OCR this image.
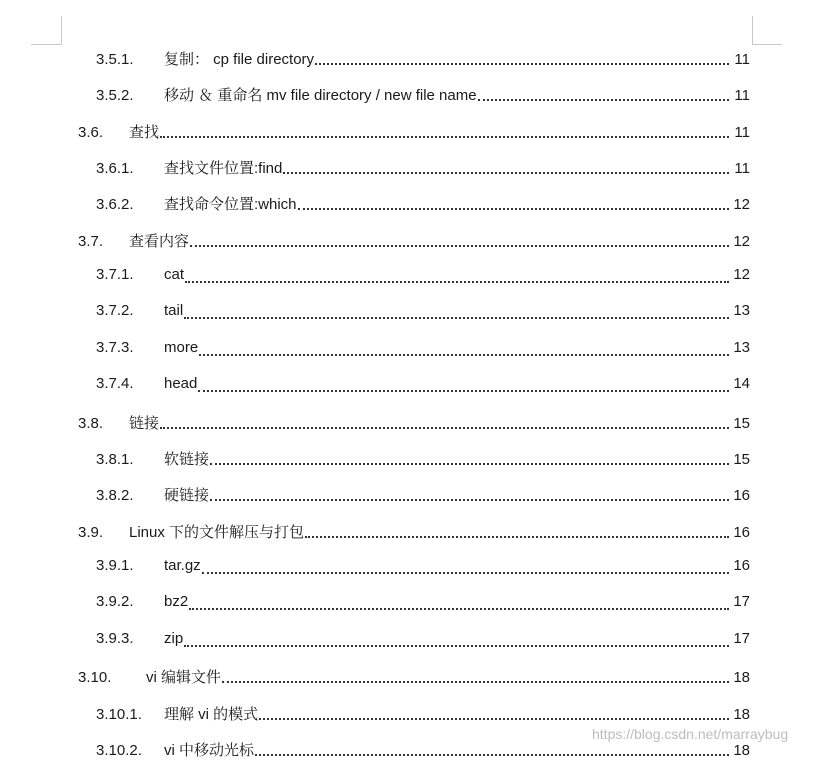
3.5.1.	复制： cp file directory	11
3.5.2.	移动 ＆ 重命名 mv file directory / new file name	11
3.6.	查找	11
3.6.1.	查找文件位置:find	11
3.6.2.	查找命令位置:which	12
3.7.	查看内容	12
3.7.1.	cat	12
3.7.2.	tail	13
3.7.3.	more	13
3.7.4.	head	14
3.8.	链接	15
3.8.1.	软链接	15
3.8.2.	硬链接	16
3.9.	Linux 下的文件解压与打包	16
3.9.1.	tar.gz	16
3.9.2.	bz2	17
3.9.3.	zip	17
3.10.	vi 编辑文件	18
3.10.1.	理解 vi 的模式	18
3.10.2.	vi 中移动光标	18
https://blog.csdn.net/marraybug
